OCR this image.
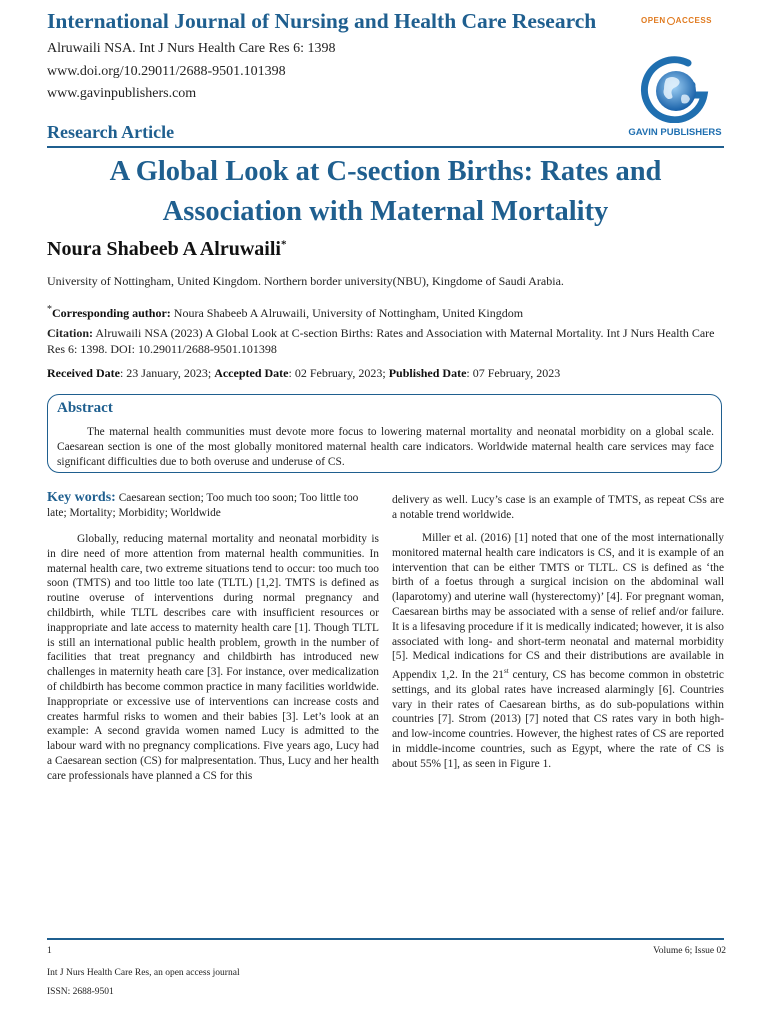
International Journal of Nursing and Health Care Research	OPEN ACCESS
Alruwaili NSA. Int J Nurs Health Care Res 6: 1398
www.doi.org/10.29011/2688-9501.101398
www.gavinpublishers.com
GAVIN PUBLISHERS
Research Article
A Global Look at C-section Births: Rates and Association with Maternal Mortality
Noura Shabeeb A Alruwaili*
University of Nottingham, United Kingdom. Northern border university(NBU), Kingdome of Saudi Arabia.
*Corresponding author: Noura Shabeeb A Alruwaili, University of Nottingham, United Kingdom
Citation: Alruwaili NSA (2023) A Global Look at C-section Births: Rates and Association with Maternal Mortality. Int J Nurs Health Care Res 6: 1398. DOI: 10.29011/2688-9501.101398
Received Date: 23 January, 2023; Accepted Date: 02 February, 2023; Published Date: 07 February, 2023
Abstract
The maternal health communities must devote more focus to lowering maternal mortality and neonatal morbidity on a global scale. Caesarean section is one of the most globally monitored maternal health care indicators. Worldwide maternal health care services may face significant difficulties due to both overuse and underuse of CS.
Key words: Caesarean section; Too much too soon; Too little too late; Mortality; Morbidity; Worldwide

Globally, reducing maternal mortality and neonatal morbidity is in dire need of more attention from maternal health communities. In maternal health care, two extreme situations tend to occur: too much too soon (TMTS) and too little too late (TLTL) [1,2]. TMTS is defined as routine overuse of interventions during normal pregnancy and childbirth, while TLTL describes care with insufficient resources or inappropriate and late access to maternity health care [1]. Though TLTL is still an international public health problem, growth in the number of facilities that treat pregnancy and childbirth has introduced new challenges in maternity heath care [3]. For instance, over medicalization of childbirth has become common practice in many facilities worldwide. Inappropriate or excessive use of interventions can increase costs and creates harmful risks to women and their babies [3]. Let’s look at an example: A second gravida women named Lucy is admitted to the labour ward with no pregnancy complications. Five years ago, Lucy had a Caesarean section (CS) for malpresentation. Thus, Lucy and her health care professionals have planned a CS for this

delivery as well. Lucy’s case is an example of TMTS, as repeat CSs are a notable trend worldwide.

Miller et al. (2016) [1] noted that one of the most internationally monitored maternal health care indicators is CS, and it is example of an intervention that can be either TMTS or TLTL. CS is defined as ‘the birth of a foetus through a surgical incision on the abdominal wall (laparotomy) and uterine wall (hysterectomy)’ [4]. For pregnant woman, Caesarean births may be associated with a sense of relief and/or failure. It is a lifesaving procedure if it is medically indicated; however, it is also associated with long- and short-term neonatal and maternal morbidity [5]. Medical indications for CS and their distributions are available in Appendix 1,2. In the 21st century, CS has become common in obstetric settings, and its global rates have increased alarmingly [6]. Countries vary in their rates of Caesarean births, as do sub-populations within countries [7]. Strom (2013) [7] noted that CS rates vary in both high- and low-income countries. However, the highest rates of CS are reported in middle-income countries, such as Egypt, where the rate of CS is about 55% [1], as seen in Figure 1.

1	Volume 6; Issue 02
Int J Nurs Health Care Res, an open access journal
ISSN: 2688-9501
